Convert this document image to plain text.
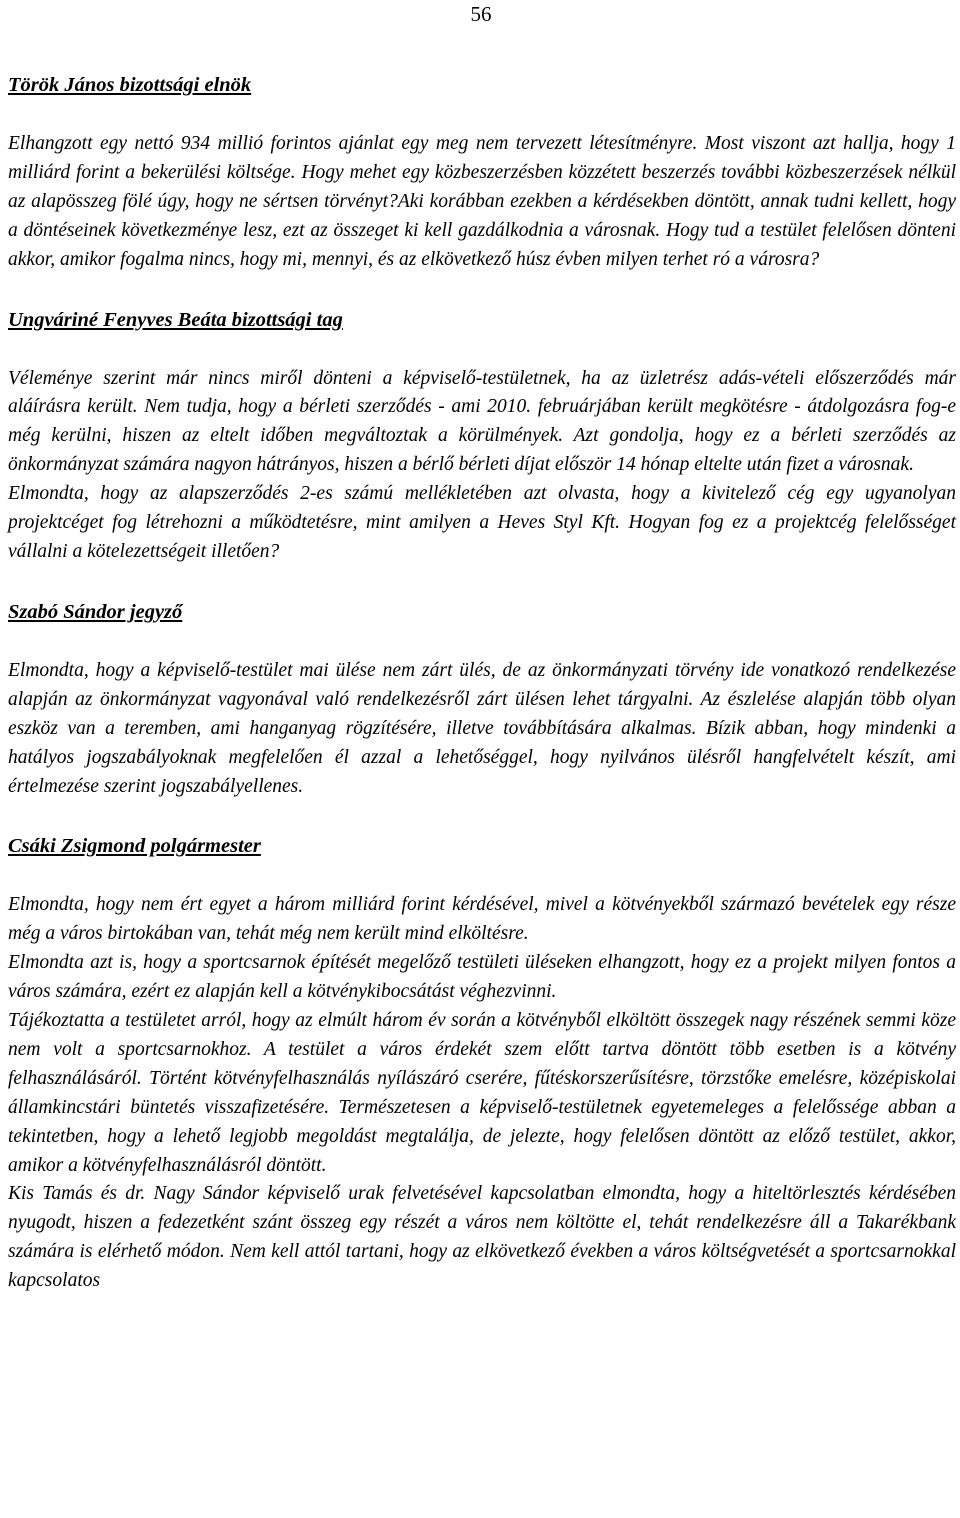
56

Török János bizottsági elnök

Elhangzott egy nettó 934 millió forintos ajánlat egy meg nem tervezett létesítményre. Most viszont azt hallja, hogy 1 milliárd forint a bekerülési költsége. Hogy mehet egy közbeszerzésben közzétett beszerzés további közbeszerzések nélkül az alapösszeg fölé úgy, hogy ne sértsen törvényt?Aki korábban ezekben a kérdésekben döntött, annak tudni kellett, hogy a döntéseinek következménye lesz, ezt az összeget ki kell gazdálkodnia a városnak. Hogy tud a testület felelősen dönteni akkor, amikor fogalma nincs, hogy mi, mennyi, és az elkövetkező húsz évben milyen terhet ró a városra?

Ungváriné Fenyves Beáta bizottsági tag

Véleménye szerint már nincs miről dönteni a képviselő-testületnek, ha az üzletrész adás-vételi előszerződés már aláírásra került. Nem tudja, hogy a bérleti szerződés - ami 2010. februárjában került megkötésre - átdolgozásra fog-e még kerülni, hiszen az eltelt időben megváltoztak a körülmények. Azt gondolja, hogy ez a bérleti szerződés az önkormányzat számára nagyon hátrányos, hiszen a bérlő bérleti díjat először 14 hónap eltelte után fizet a városnak.

Elmondta, hogy az alapszerződés 2-es számú mellékletében azt olvasta, hogy a kivitelező cég egy ugyanolyan projektcéget fog létrehozni a működtetésre, mint amilyen a Heves Styl Kft. Hogyan fog ez a projektcég felelősséget vállalni a kötelezettségeit illetően?

Szabó Sándor jegyző

Elmondta, hogy a képviselő-testület mai ülése nem zárt ülés, de az önkormányzati törvény ide vonatkozó rendelkezése alapján az önkormányzat vagyonával való rendelkezésről zárt ülésen lehet tárgyalni. Az észlelése alapján több olyan eszköz van a teremben, ami hanganyag rögzítésére, illetve továbbítására alkalmas. Bízik abban, hogy mindenki a hatályos jogszabályoknak megfelelően él azzal a lehetőséggel, hogy nyilvános ülésről hangfelvételt készít, ami értelmezése szerint jogszabályellenes.

Csáki Zsigmond polgármester

Elmondta, hogy nem ért egyet a három milliárd forint kérdésével, mivel a kötvényekből származó bevételek egy része még a város birtokában van, tehát még nem került mind elköltésre.

Elmondta azt is, hogy a sportcsarnok építését megelőző testületi üléseken elhangzott, hogy ez a projekt milyen fontos a város számára, ezért ez alapján kell a kötvénykibocsátást véghezvinni.

Tájékoztatta a testületet arról, hogy az elmúlt három év során a kötvényből elköltött összegek nagy részének semmi köze nem volt a sportcsarnokhoz. A testület a város érdekét szem előtt tartva döntött több esetben is a kötvény felhasználásáról. Történt kötvényfelhasználás nyílászáró cserére, fűtéskorszerűsítésre, törzstőke emelésre, középiskolai államkincstári büntetés visszafizetésére. Természetesen a képviselő-testületnek egyetemeleges a felelőssége abban a tekintetben, hogy a lehető legjobb megoldást megtalálja, de jelezte, hogy felelősen döntött az előző testület, akkor, amikor a kötvényfelhasználásról döntött.

Kis Tamás és dr. Nagy Sándor képviselő urak felvetésével kapcsolatban elmondta, hogy a hiteltörlesztés kérdésében nyugodt, hiszen a fedezetként szánt összeg egy részét a város nem költötte el, tehát rendelkezésre áll a Takarékbank számára is elérhető módon. Nem kell attól tartani, hogy az elkövetkező években a város költségvetését a sportcsarnokkal kapcsolatos
